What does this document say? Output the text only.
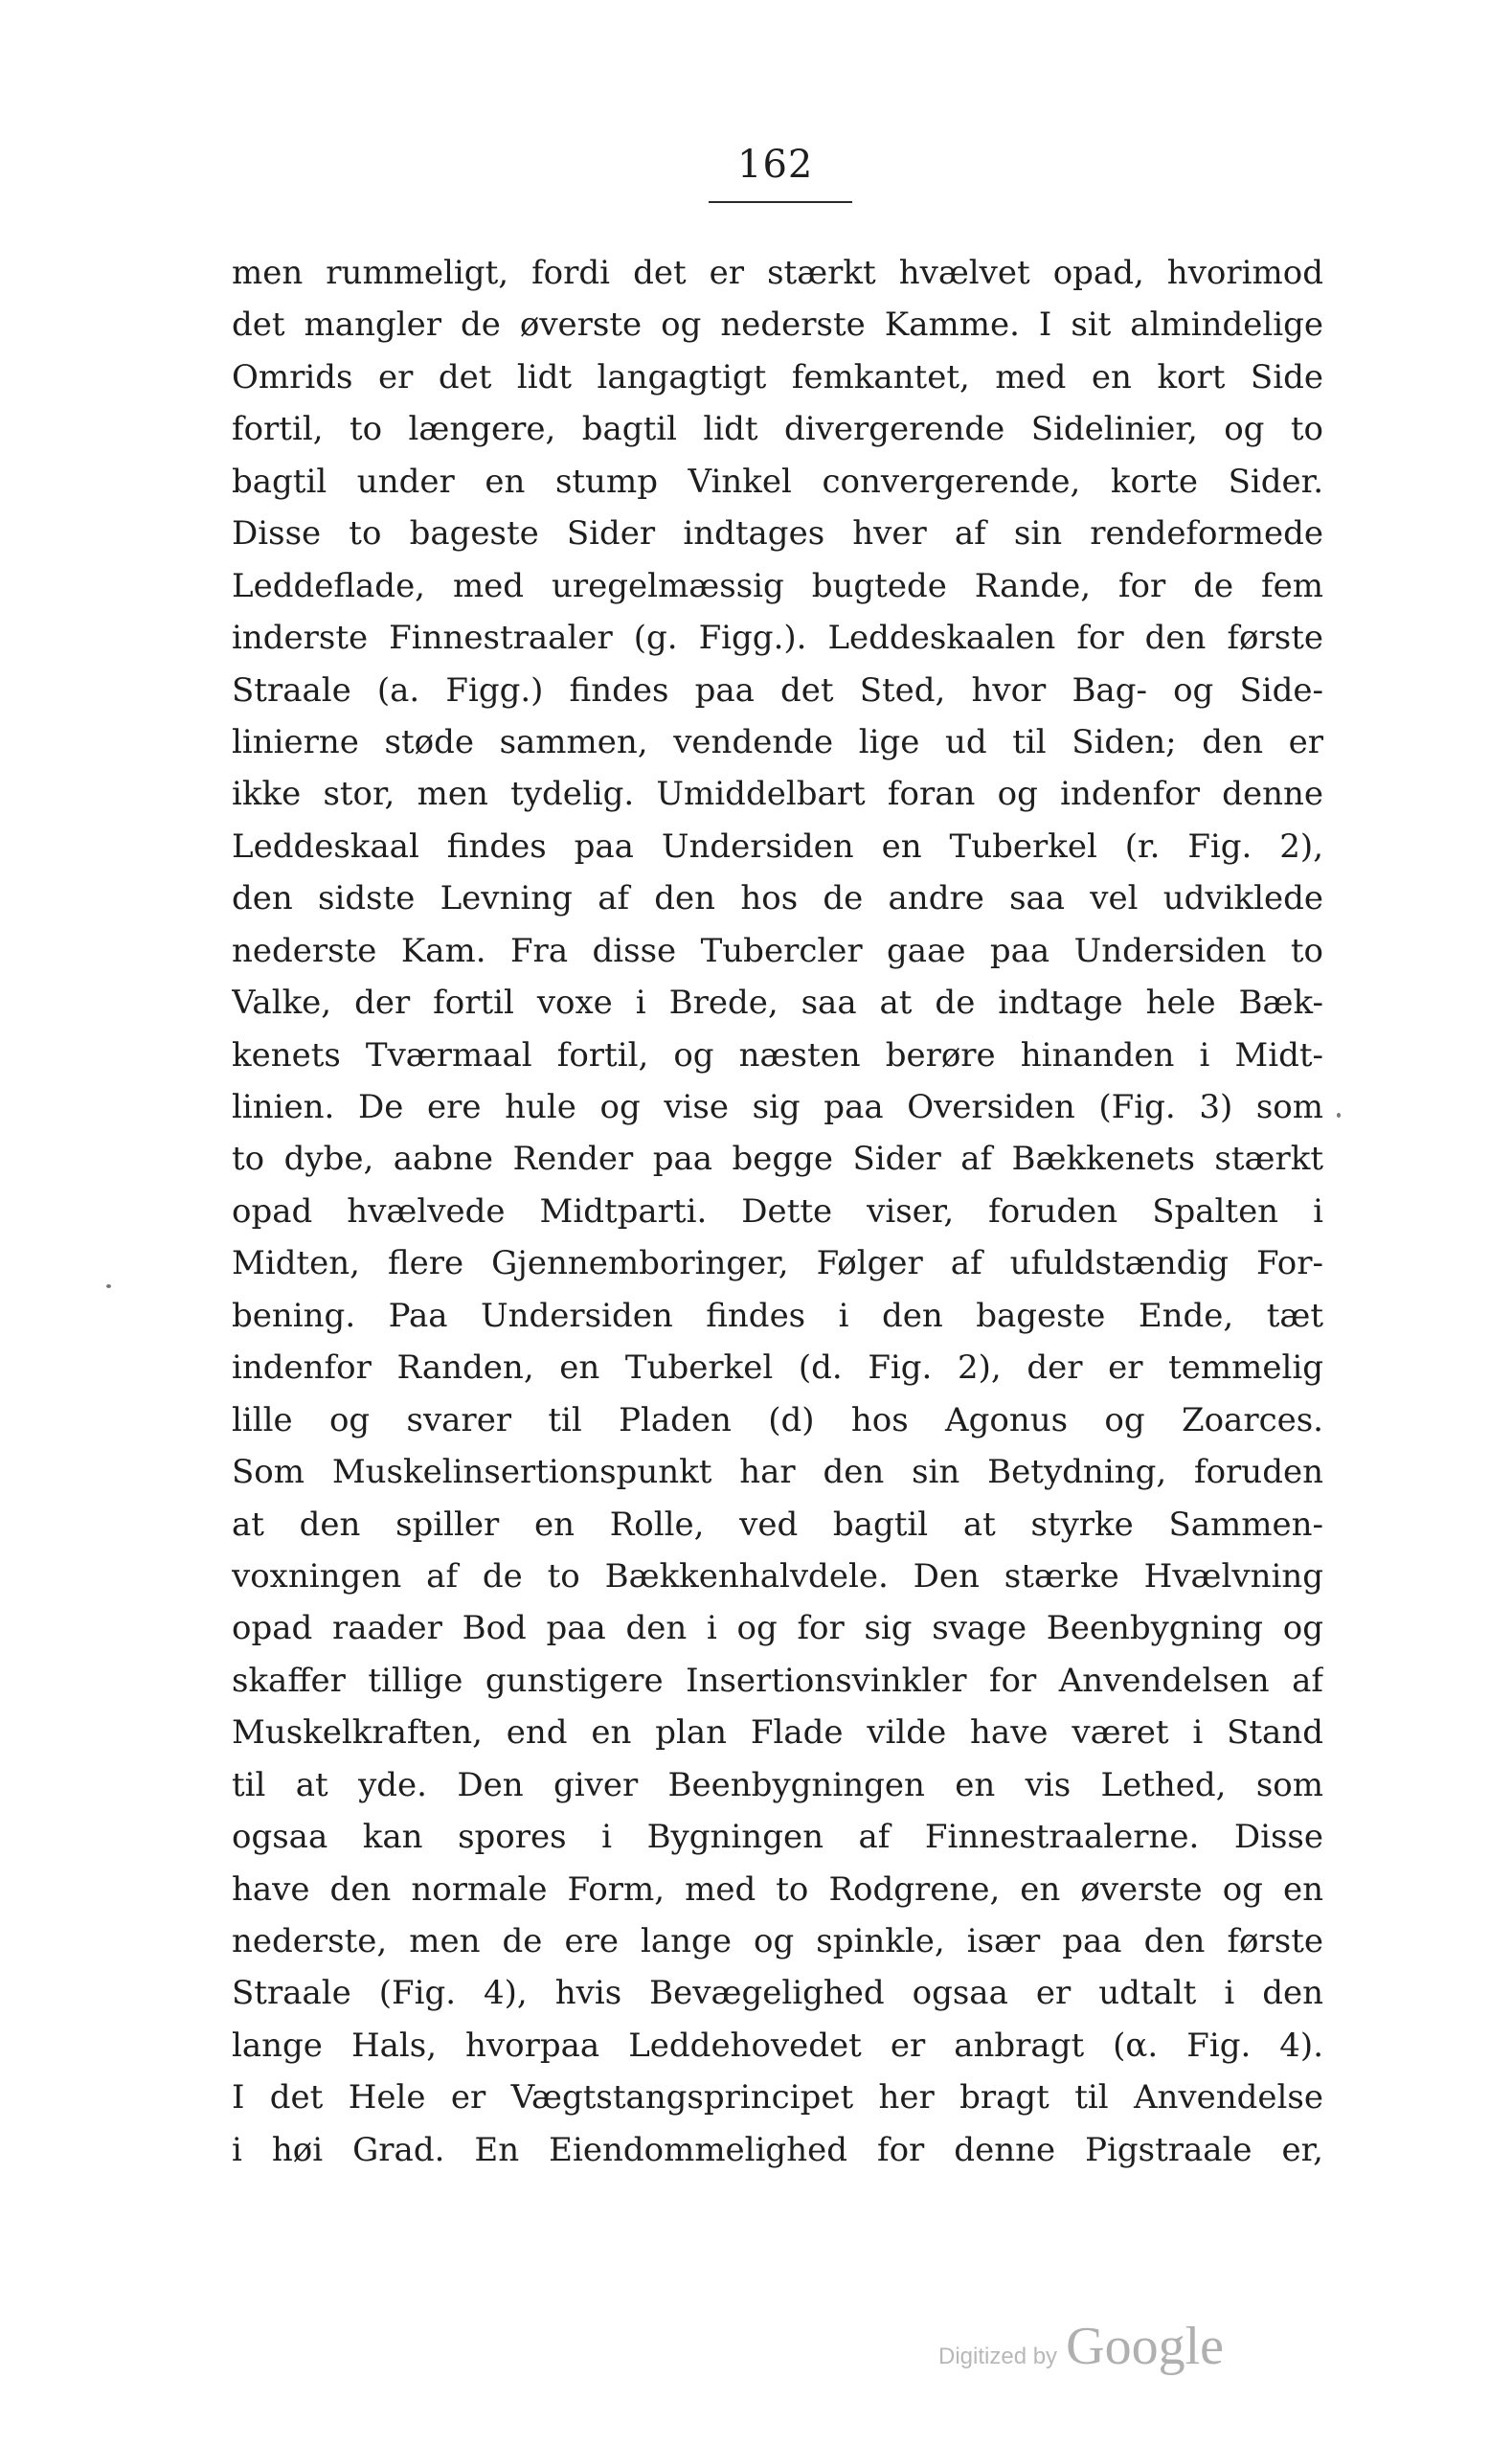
162
men rummeligt, fordi det er stærkt hvælvet opad, hvorimod
det mangler de øverste og nederste Kamme. I sit almindelige
Omrids er det lidt langagtigt femkantet, med en kort Side
fortil, to længere, bagtil lidt divergerende Sidelinier, og to
bagtil under en stump Vinkel convergerende, korte Sider.
Disse to bageste Sider indtages hver af sin rendeformede
Leddeflade, med uregelmæssig bugtede Rande, for de fem
inderste Finnestraaler (g. Figg.). Leddeskaalen for den første
Straale (a. Figg.) findes paa det Sted, hvor Bag- og Side-
linierne støde sammen, vendende lige ud til Siden; den er
ikke stor, men tydelig. Umiddelbart foran og indenfor denne
Leddeskaal findes paa Undersiden en Tuberkel (r. Fig. 2),
den sidste Levning af den hos de andre saa vel udviklede
nederste Kam. Fra disse Tubercler gaae paa Undersiden to
Valke, der fortil voxe i Brede, saa at de indtage hele Bæk-
kenets Tværmaal fortil, og næsten berøre hinanden i Midt-
linien. De ere hule og vise sig paa Oversiden (Fig. 3) som
to dybe, aabne Render paa begge Sider af Bækkenets stærkt
opad hvælvede Midtparti. Dette viser, foruden Spalten i
Midten, flere Gjennemboringer, Følger af ufuldstændig For-
bening. Paa Undersiden findes i den bageste Ende, tæt
indenfor Randen, en Tuberkel (d. Fig. 2), der er temmelig
lille og svarer til Pladen (d) hos Agonus og Zoarces.
Som Muskelinsertionspunkt har den sin Betydning, foruden
at den spiller en Rolle, ved bagtil at styrke Sammen-
voxningen af de to Bækkenhalvdele. Den stærke Hvælvning
opad raader Bod paa den i og for sig svage Beenbygning og
skaffer tillige gunstigere Insertionsvinkler for Anvendelsen af
Muskelkraften, end en plan Flade vilde have været i Stand
til at yde. Den giver Beenbygningen en vis Lethed, som
ogsaa kan spores i Bygningen af Finnestraalerne. Disse
have den normale Form, med to Rodgrene, en øverste og en
nederste, men de ere lange og spinkle, især paa den første
Straale (Fig. 4), hvis Bevægelighed ogsaa er udtalt i den
lange Hals, hvorpaa Leddehovedet er anbragt (α. Fig. 4).
I det Hele er Vægtstangsprincipet her bragt til Anvendelse
i høi Grad. En Eiendommelighed for denne Pigstraale er,
Digitized by Google
